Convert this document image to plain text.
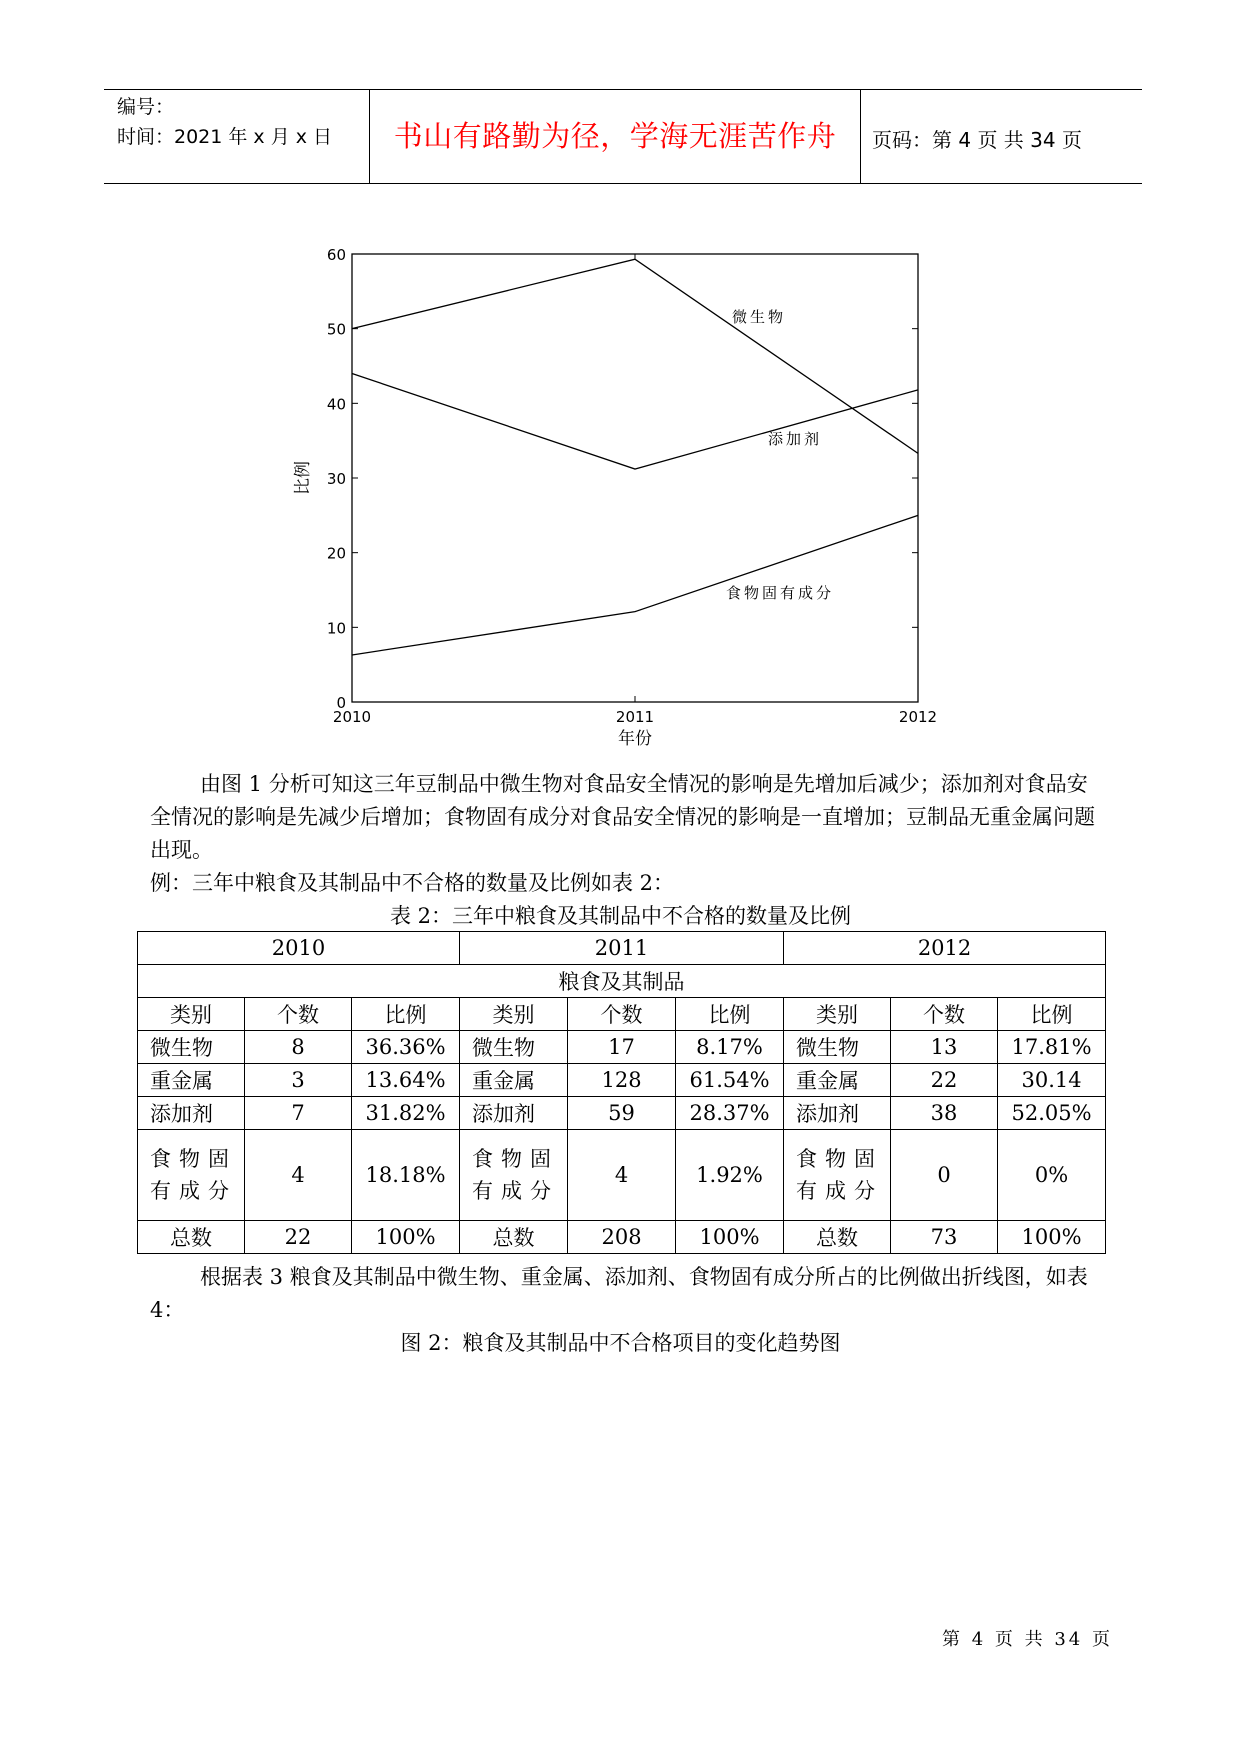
编号：
时间：2021 年 x 月 x 日	书山有路勤为径，学海无涯苦作舟	页码：第 4 页 共 34 页
0
10
20
30
40
50
60
2010	2011	2012
年份
比例
微生物
添加剂
食物固有成分
由图 1 分析可知这三年豆制品中微生物对食品安全情况的影响是先增加后减少；添加剂对食品安全情况的影响是先减少后增加；食物固有成分对食品安全情况的影响是一直增加；豆制品无重金属问题出现。
例：三年中粮食及其制品中不合格的数量及比例如表 2：
表 2：三年中粮食及其制品中不合格的数量及比例
2010			2011			2012		
粮食及其制品								
类别	个数	比例	类别	个数	比例	类别	个数	比例
微生物	8	36.36%	微生物	17	8.17%	微生物	13	17.81%
重金属	3	13.64%	重金属	128	61.54%	重金属	22	30.14
添加剂	7	31.82%	添加剂	59	28.37%	添加剂	38	52.05%
食物固有成分	4	18.18%	食物固有成分	4	1.92%	食物固有成分	0	0%
总数	22	100%	总数	208	100%	总数	73	100%
根据表 3 粮食及其制品中微生物、重金属、添加剂、食物固有成分所占的比例做出折线图，如表 4：
图 2：粮食及其制品中不合格项目的变化趋势图
第 4 页 共 34 页
